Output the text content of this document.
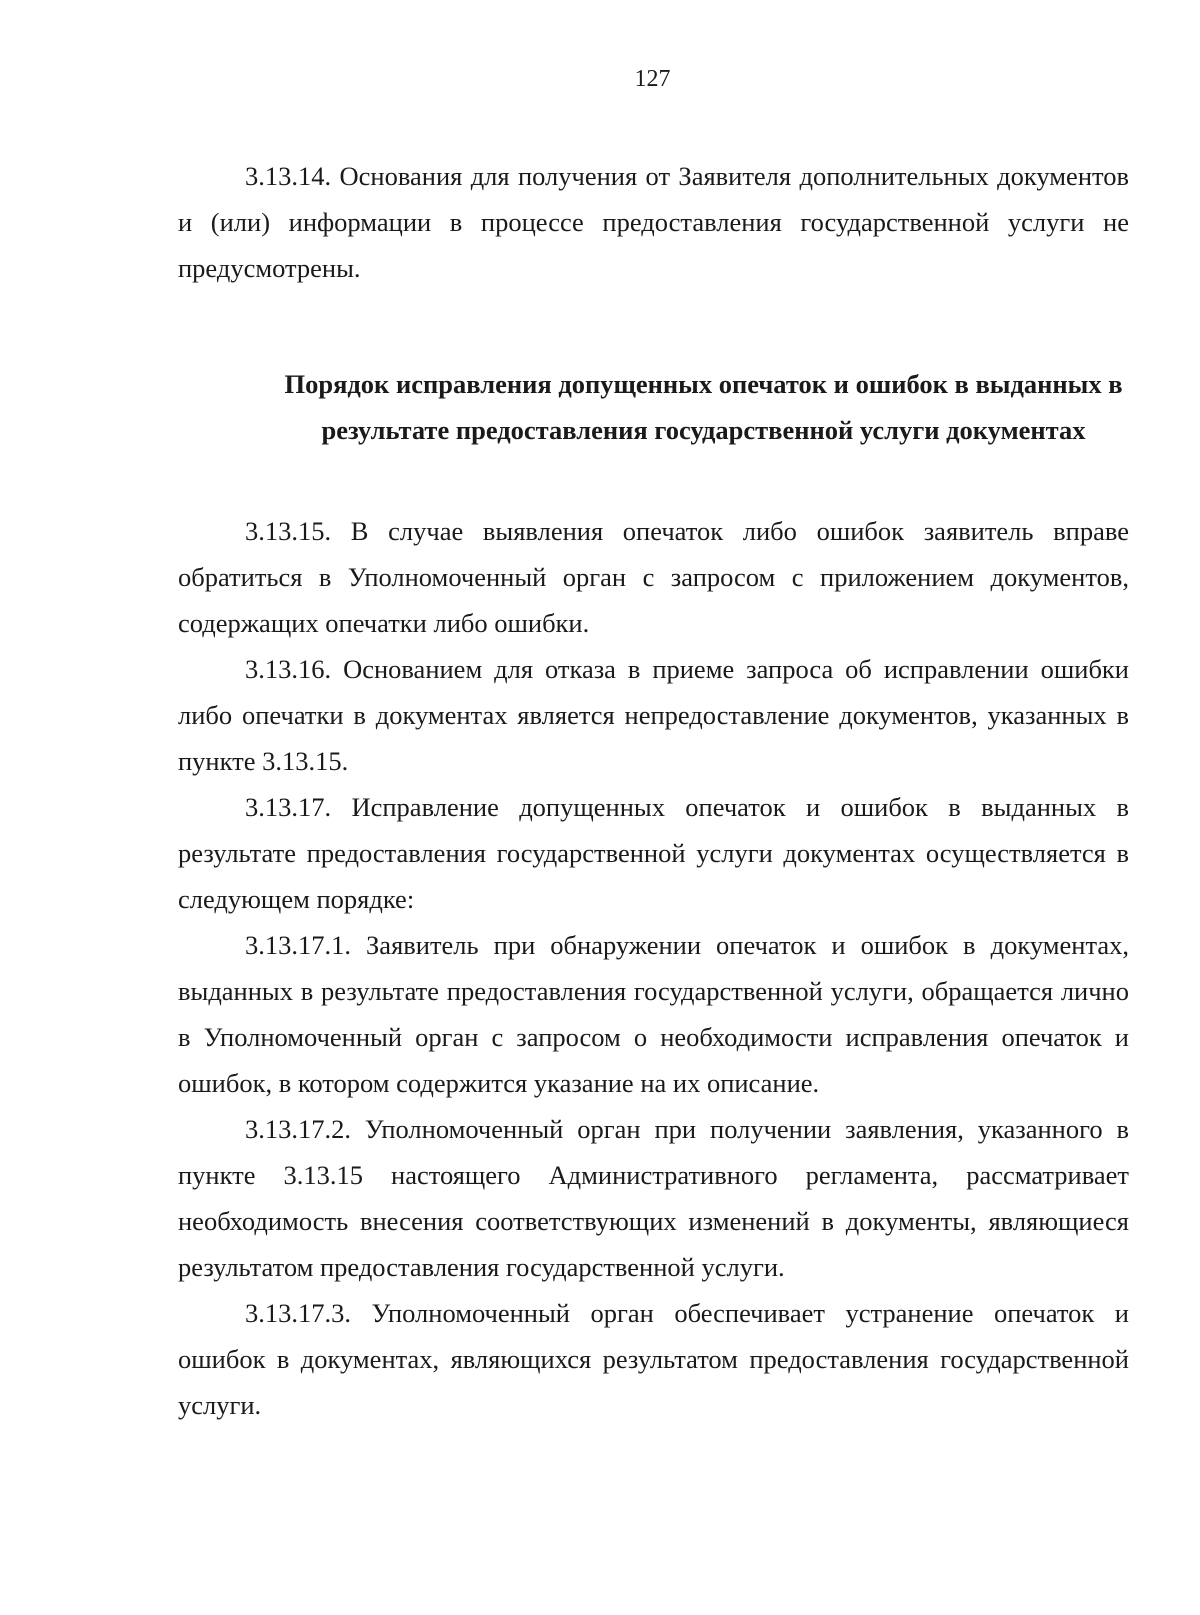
127

3.13.14. Основания для получения от Заявителя дополнительных документов и (или) информации в процессе предоставления государственной услуги не предусмотрены.

Порядок исправления допущенных опечаток и ошибок в выданных в

результате предоставления государственной услуги документах

3.13.15. В случае выявления опечаток либо ошибок заявитель вправе обратиться в Уполномоченный орган с запросом с приложением документов, содержащих опечатки либо ошибки.

3.13.16. Основанием для отказа в приеме запроса об исправлении ошибки либо опечатки в документах является непредоставление документов, указанных в пункте 3.13.15.

3.13.17. Исправление допущенных опечаток и ошибок в выданных в результате предоставления государственной услуги документах осуществляется в следующем порядке:

3.13.17.1. Заявитель при обнаружении опечаток и ошибок в документах, выданных в результате предоставления государственной услуги, обращается лично в Уполномоченный орган с запросом о необходимости исправления опечаток и ошибок, в котором содержится указание на их описание.

3.13.17.2. Уполномоченный орган при получении заявления, указанного в пункте 3.13.15 настоящего Административного регламента, рассматривает необходимость внесения соответствующих изменений в документы, являющиеся результатом предоставления государственной услуги.

3.13.17.3. Уполномоченный орган обеспечивает устранение опечаток и ошибок в документах, являющихся результатом предоставления государственной услуги.
